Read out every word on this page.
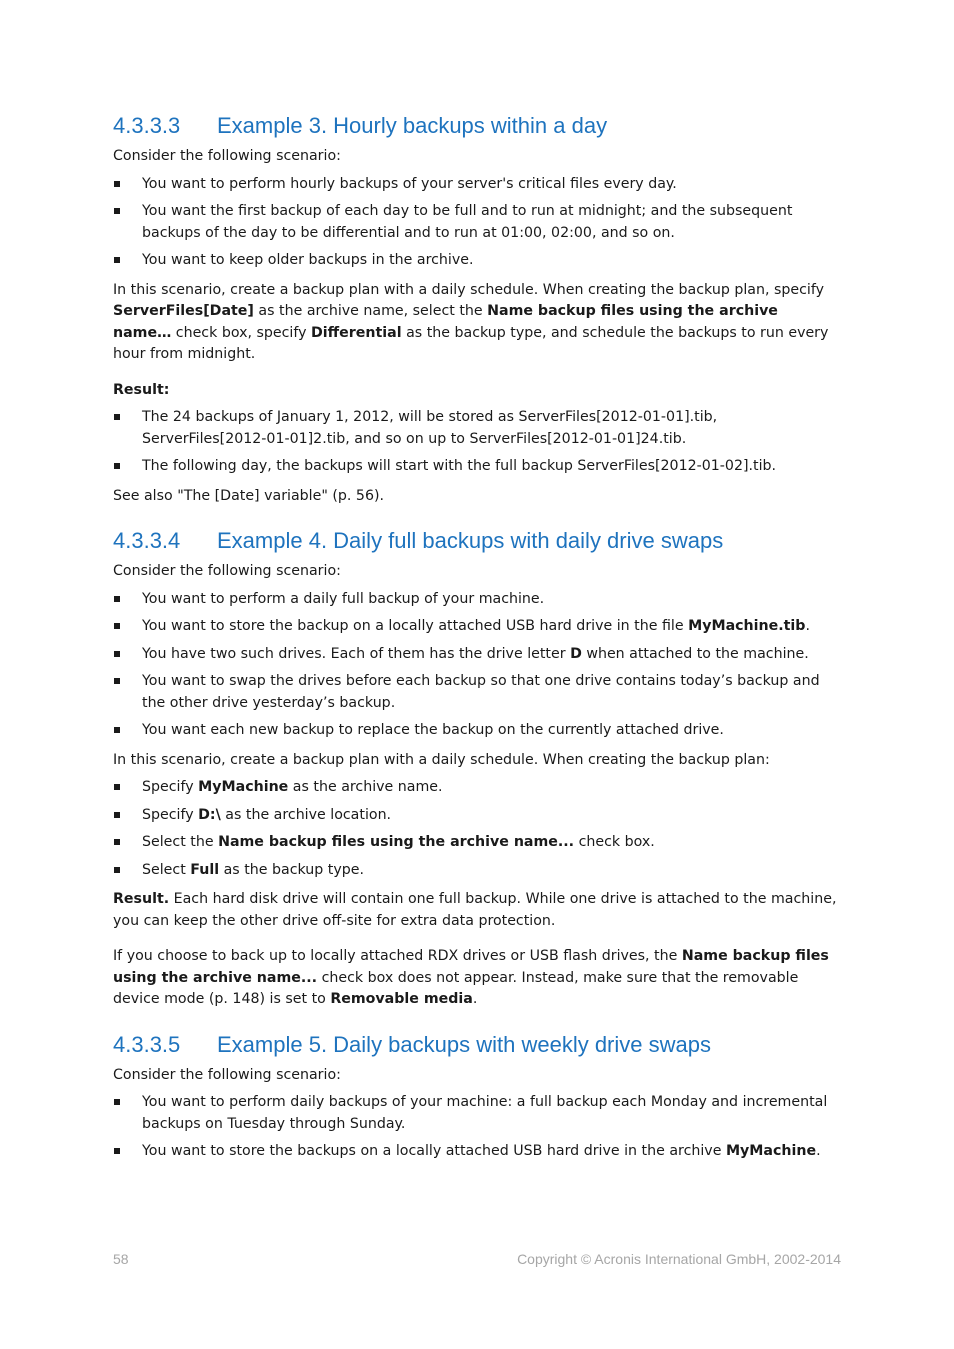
4.3.3.3 Example 3. Hourly backups within a day

Consider the following scenario:

You want to perform hourly backups of your server's critical files every day.
You want the first backup of each day to be full and to run at midnight; and the subsequent backups of the day to be differential and to run at 01:00, 02:00, and so on.
You want to keep older backups in the archive.

In this scenario, create a backup plan with a daily schedule. When creating the backup plan, specify ServerFiles[Date] as the archive name, select the Name backup files using the archive name… check box, specify Differential as the backup type, and schedule the backups to run every hour from midnight.

Result:

The 24 backups of January 1, 2012, will be stored as ServerFiles[2012-01-01].tib, ServerFiles[2012-01-01]2.tib, and so on up to ServerFiles[2012-01-01]24.tib.
The following day, the backups will start with the full backup ServerFiles[2012-01-02].tib.

See also "The [Date] variable" (p. 56).

4.3.3.4 Example 4. Daily full backups with daily drive swaps

Consider the following scenario:

You want to perform a daily full backup of your machine.
You want to store the backup on a locally attached USB hard drive in the file MyMachine.tib.
You have two such drives. Each of them has the drive letter D when attached to the machine.
You want to swap the drives before each backup so that one drive contains today’s backup and the other drive yesterday’s backup.
You want each new backup to replace the backup on the currently attached drive.

In this scenario, create a backup plan with a daily schedule. When creating the backup plan:

Specify MyMachine as the archive name.
Specify D:\ as the archive location.
Select the Name backup files using the archive name... check box.
Select Full as the backup type.

Result. Each hard disk drive will contain one full backup. While one drive is attached to the machine, you can keep the other drive off-site for extra data protection.

If you choose to back up to locally attached RDX drives or USB flash drives, the Name backup files using the archive name... check box does not appear. Instead, make sure that the removable device mode (p. 148) is set to Removable media.

4.3.3.5 Example 5. Daily backups with weekly drive swaps

Consider the following scenario:

You want to perform daily backups of your machine: a full backup each Monday and incremental backups on Tuesday through Sunday.
You want to store the backups on a locally attached USB hard drive in the archive MyMachine.
58	Copyright © Acronis International GmbH, 2002-2014
